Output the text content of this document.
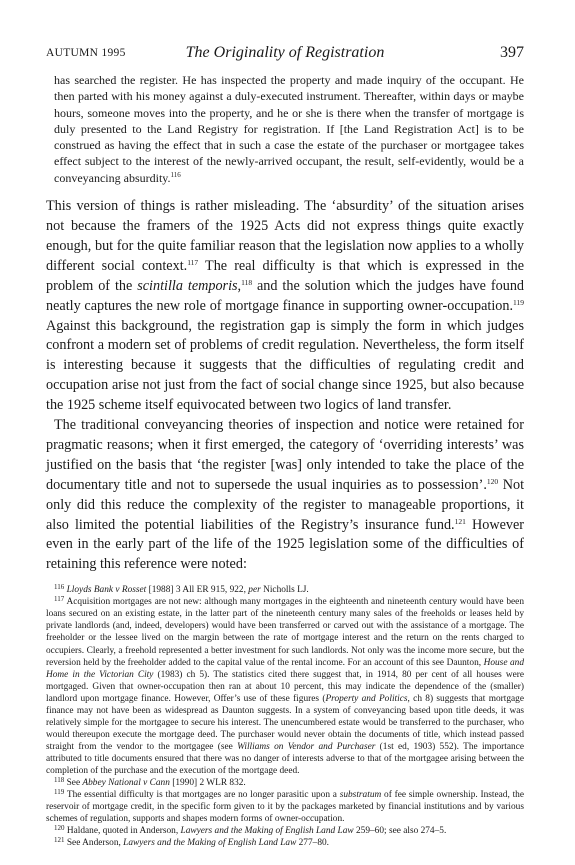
AUTUMN 1995	The Originality of Registration	397
has searched the register. He has inspected the property and made inquiry of the occupant. He then parted with his money against a duly-executed instrument. Thereafter, within days or maybe hours, someone moves into the property, and he or she is there when the transfer of mortgage is duly presented to the Land Registry for registration. If [the Land Registration Act] is to be construed as having the effect that in such a case the estate of the purchaser or mortgagee takes effect subject to the interest of the newly-arrived occupant, the result, self-evidently, would be a conveyancing absurdity.$^{116}$

This version of things is rather misleading. The ‘absurdity’ of the situation arises not because the framers of the 1925 Acts did not express things quite exactly enough, but for the quite familiar reason that the legislation now applies to a wholly different social context.$^{117}$ The real difficulty is that which is expressed in the problem of the scintilla temporis,$^{118}$ and the solution which the judges have found neatly captures the new role of mortgage finance in supporting owner-occupation.$^{119}$ Against this background, the registration gap is simply the form in which judges confront a modern set of problems of credit regulation. Nevertheless, the form itself is interesting because it suggests that the difficulties of regulating credit and occupation arise not just from the fact of social change since 1925, but also because the 1925 scheme itself equivocated between two logics of land transfer.

The traditional conveyancing theories of inspection and notice were retained for pragmatic reasons; when it first emerged, the category of ‘overriding interests’ was justified on the basis that ‘the register [was] only intended to take the place of the documentary title and not to supersede the usual inquiries as to possession’.$^{120}$ Not only did this reduce the complexity of the register to manageable proportions, it also limited the potential liabilities of the Registry’s insurance fund.$^{121}$ However even in the early part of the life of the 1925 legislation some of the difficulties of retaining this reference were noted:

$^{116}$ Lloyds Bank v Rosset [1988] 3 All ER 915, 922, per Nicholls LJ.

$^{117}$ Acquisition mortgages are not new: although many mortgages in the eighteenth and nineteenth century would have been loans secured on an existing estate, in the latter part of the nineteenth century many sales of the freeholds or leases held by private landlords (and, indeed, developers) would have been transferred or carved out with the assistance of a mortgage. The freeholder or the lessee lived on the margin between the rate of mortgage interest and the return on the rents charged to occupiers. Clearly, a freehold represented a better investment for such landlords. Not only was the income more secure, but the reversion held by the freeholder added to the capital value of the rental income. For an account of this see Daunton, House and Home in the Victorian City (1983) ch 5). The statistics cited there suggest that, in 1914, 80 per cent of all houses were mortgaged. Given that owner-occupation then ran at about 10 percent, this may indicate the dependence of the (smaller) landlord upon mortgage finance. However, Offer’s use of these figures (Property and Politics, ch 8) suggests that mortgage finance may not have been as widespread as Daunton suggests. In a system of conveyancing based upon title deeds, it was relatively simple for the mortgagee to secure his interest. The unencumbered estate would be transferred to the purchaser, who would thereupon execute the mortgage deed. The purchaser would never obtain the documents of title, which instead passed straight from the vendor to the mortgagee (see Williams on Vendor and Purchaser (1st ed, 1903) 552). The importance attributed to title documents ensured that there was no danger of interests adverse to that of the mortgagee arising between the completion of the purchase and the execution of the mortgage deed.

$^{118}$ See Abbey National v Cann [1990] 2 WLR 832.

$^{119}$ The essential difficulty is that mortgages are no longer parasitic upon a substratum of fee simple ownership. Instead, the reservoir of mortgage credit, in the specific form given to it by the packages marketed by financial institutions and by various schemes of regulation, supports and shapes modern forms of owner-occupation.

$^{120}$ Haldane, quoted in Anderson, Lawyers and the Making of English Land Law 259–60; see also 274–5.

$^{121}$ See Anderson, Lawyers and the Making of English Land Law 277–80.
